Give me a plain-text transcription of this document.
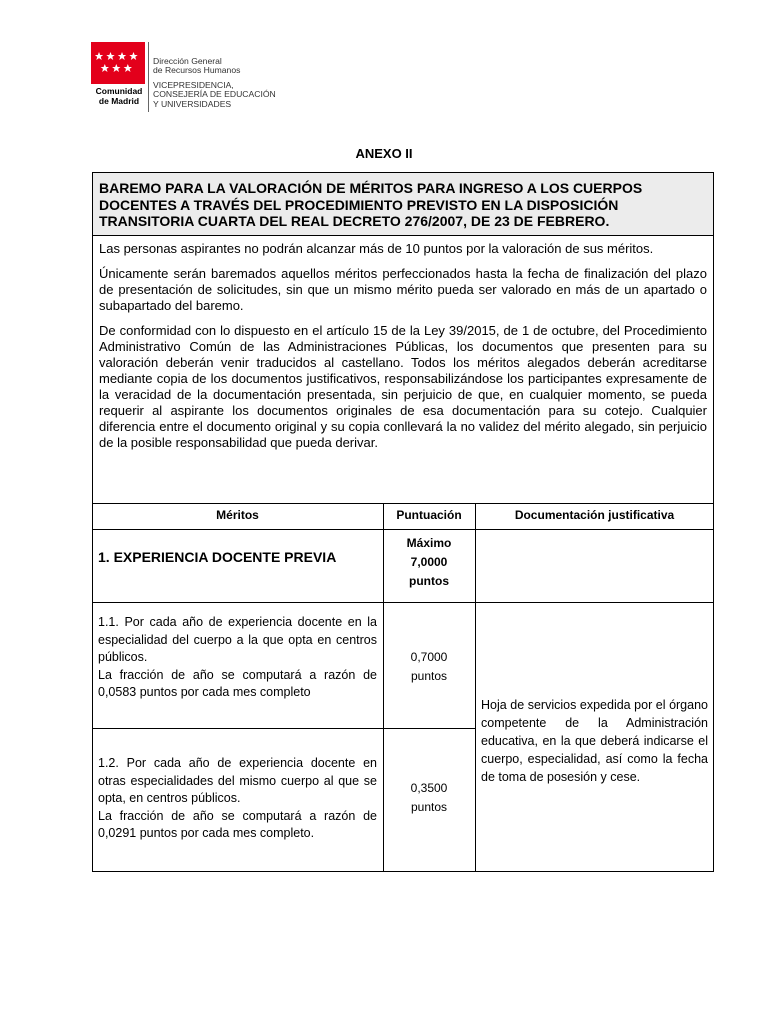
Comunidad
de Madrid
Dirección General
de Recursos Humanos
VICEPRESIDENCIA,
CONSEJERÍA DE EDUCACIÓN
Y UNIVERSIDADES
ANEXO II
BAREMO PARA LA VALORACIÓN DE MÉRITOS PARA INGRESO A LOS CUERPOS
DOCENTES A TRAVÉS DEL PROCEDIMIENTO PREVISTO EN LA DISPOSICIÓN
TRANSITORIA CUARTA DEL REAL DECRETO 276/2007, DE 23 DE FEBRERO.

Las personas aspirantes no podrán alcanzar más de 10 puntos por la valoración de sus méritos.

Únicamente serán baremados aquellos méritos perfeccionados hasta la fecha de finalización del plazo de presentación de solicitudes, sin que un mismo mérito pueda ser valorado en más de un apartado o subapartado del baremo.

De conformidad con lo dispuesto en el artículo 15 de la Ley 39/2015, de 1 de octubre, del Procedimiento Administrativo Común de las Administraciones Públicas, los documentos que presenten para su valoración deberán venir traducidos al castellano. Todos los méritos alegados deberán acreditarse mediante copia de los documentos justificativos, responsabilizándose los participantes expresamente de la veracidad de la documentación presentada, sin perjuicio de que, en cualquier momento, se pueda requerir al aspirante los documentos originales de esa documentación para su cotejo. Cualquier diferencia entre el documento original y su copia conllevará la no validez del mérito alegado, sin perjuicio de la posible responsabilidad que pueda derivar.

Méritos	Puntuación	Documentación justificativa
1. EXPERIENCIA DOCENTE PREVIA
Máximo
7,0000
puntos
1.1. Por cada año de experiencia docente en la especialidad del cuerpo a la que opta en centros públicos.
La fracción de año se computará a razón de 0,0583 puntos por cada mes completo
0,7000
puntos
1.2. Por cada año de experiencia docente en otras especialidades del mismo cuerpo al que se opta, en centros públicos.
La fracción de año se computará a razón de 0,0291 puntos por cada mes completo.
0,3500
puntos
Hoja de servicios expedida por el órgano competente de la Administración educativa, en la que deberá indicarse el cuerpo, especialidad, así como la fecha de toma de posesión y cese.
